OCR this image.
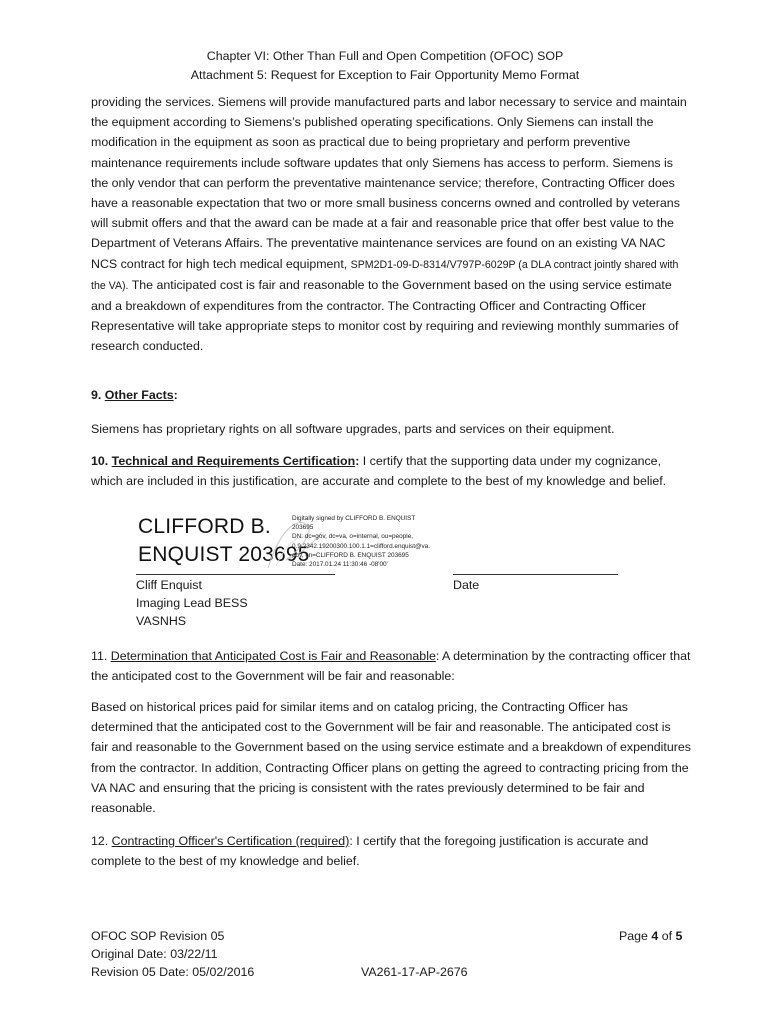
Chapter VI: Other Than Full and Open Competition (OFOC) SOP
Attachment 5: Request for Exception to Fair Opportunity Memo Format

providing the services. Siemens will provide manufactured parts and labor necessary to service and maintain the equipment according to Siemens’s published operating specifications. Only Siemens can install the modification in the equipment as soon as practical due to being proprietary and perform preventive maintenance requirements include software updates that only Siemens has access to perform. Siemens is the only vendor that can perform the preventative maintenance service; therefore, Contracting Officer does have a reasonable expectation that two or more small business concerns owned and controlled by veterans will submit offers and that the award can be made at a fair and reasonable price that offer best value to the Department of Veterans Affairs. The preventative maintenance services are found on an existing VA NAC NCS contract for high tech medical equipment, SPM2D1-09-D-8314/V797P-6029P (a DLA contract jointly shared with the VA). The anticipated cost is fair and reasonable to the Government based on the using service estimate and a breakdown of expenditures from the contractor. The Contracting Officer and Contracting Officer Representative will take appropriate steps to monitor cost by requiring and reviewing monthly summaries of research conducted.

9. Other Facts:

Siemens has proprietary rights on all software upgrades, parts and services on their equipment.

10. Technical and Requirements Certification: I certify that the supporting data under my cognizance, which are included in this justification, are accurate and complete to the best of my knowledge and belief.

CLIFFORD B.
ENQUIST 203695
Digitally signed by CLIFFORD B. ENQUIST
203695
DN: dc=gov, dc=va, o=internal, ou=people,
0.9.2342.19200300.100.1.1=clifford.enquist@va.
gov, cn=CLIFFORD B. ENQUIST 203695
Date: 2017.01.24 11:30:46 -08'00'
Cliff Enquist
Imaging Lead BESS
VASNHS
Date

11. Determination that Anticipated Cost is Fair and Reasonable: A determination by the contracting officer that the anticipated cost to the Government will be fair and reasonable:

Based on historical prices paid for similar items and on catalog pricing, the Contracting Officer has determined that the anticipated cost to the Government will be fair and reasonable. The anticipated cost is fair and reasonable to the Government based on the using service estimate and a breakdown of expenditures from the contractor. In addition, Contracting Officer plans on getting the agreed to contracting pricing from the VA NAC and ensuring that the pricing is consistent with the rates previously determined to be fair and reasonable.

12. Contracting Officer's Certification (required): I certify that the foregoing justification is accurate and complete to the best of my knowledge and belief.

OFOC SOP Revision 05
Original Date: 03/22/11
Revision 05 Date: 05/02/2016	VA261-17-AP-2676
Page 4 of 5
